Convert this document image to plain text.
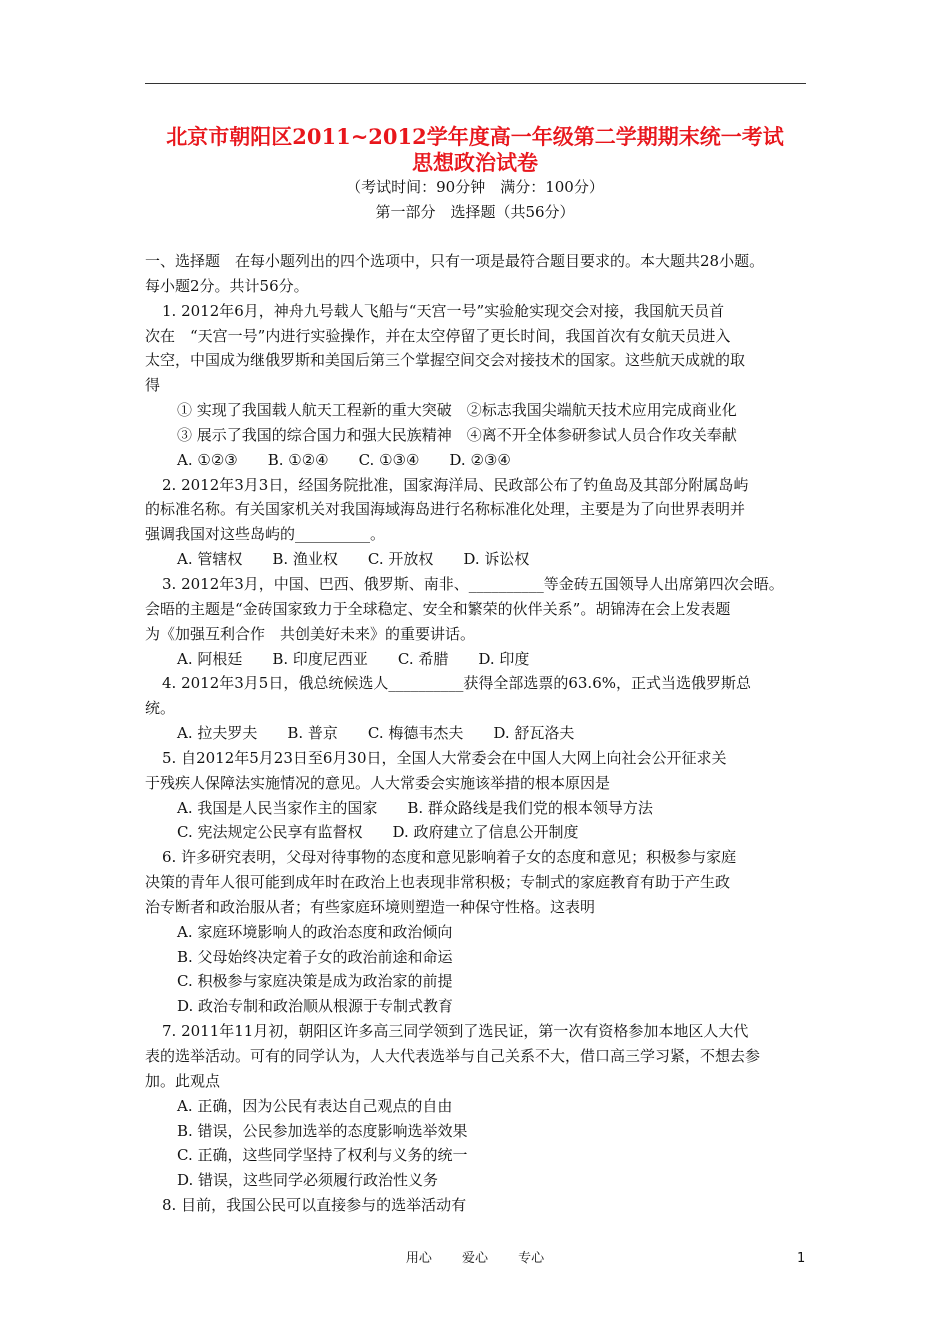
北京市朝阳区2011~2012学年度高一年级第二学期期末统一考试
思想政治试卷
（考试时间：90分钟　满分：100分）
第一部分　选择题（共56分）
一、选择题　在每小题列出的四个选项中，只有一项是最符合题目要求的。本大题共28小题。
每小题2分。共计56分。
1. 2012年6月，神舟九号载人飞船与“天宫一号”实验舱实现交会对接，我国航天员首
次在　“天宫一号”内进行实验操作，并在太空停留了更长时间，我国首次有女航天员进入
太空，中国成为继俄罗斯和美国后第三个掌握空间交会对接技术的国家。这些航天成就的取
得
① 实现了我国载人航天工程新的重大突破　②标志我国尖端航天技术应用完成商业化
③ 展示了我国的综合国力和强大民族精神　④离不开全体参研参试人员合作攻关奉献
A. ①②③　　B. ①②④　　C. ①③④　　D. ②③④
2. 2012年3月3日，经国务院批准，国家海洋局、民政部公布了钓鱼岛及其部分附属岛屿
的标准名称。有关国家机关对我国海域海岛进行名称标准化处理，主要是为了向世界表明并
强调我国对这些岛屿的__________。
A. 管辖权　　B. 渔业权　　C. 开放权　　D. 诉讼权
3. 2012年3月，中国、巴西、俄罗斯、南非、__________等金砖五国领导人出席第四次会晤。
会晤的主题是“金砖国家致力于全球稳定、安全和繁荣的伙伴关系”。胡锦涛在会上发表题
为《加强互利合作　共创美好未来》的重要讲话。
A. 阿根廷　　B. 印度尼西亚　　C. 希腊　　D. 印度
4. 2012年3月5日，俄总统候选人__________获得全部选票的63.6%，正式当选俄罗斯总
统。
A. 拉夫罗夫　　B. 普京　　C. 梅德韦杰夫　　D. 舒瓦洛夫
5. 自2012年5月23日至6月30日，全国人大常委会在中国人大网上向社会公开征求关
于残疾人保障法实施情况的意见。人大常委会实施该举措的根本原因是
A. 我国是人民当家作主的国家　　B. 群众路线是我们党的根本领导方法
C. 宪法规定公民享有监督权　　D. 政府建立了信息公开制度
6. 许多研究表明，父母对待事物的态度和意见影响着子女的态度和意见；积极参与家庭
决策的青年人很可能到成年时在政治上也表现非常积极；专制式的家庭教育有助于产生政
治专断者和政治服从者；有些家庭环境则塑造一种保守性格。这表明
A. 家庭环境影响人的政治态度和政治倾向
B. 父母始终决定着子女的政治前途和命运
C. 积极参与家庭决策是成为政治家的前提
D. 政治专制和政治顺从根源于专制式教育
7. 2011年11月初，朝阳区许多高三同学领到了选民证，第一次有资格参加本地区人大代
表的选举活动。可有的同学认为，人大代表选举与自己关系不大，借口高三学习紧，不想去参
加。此观点
A. 正确，因为公民有表达自己观点的自由
B. 错误，公民参加选举的态度影响选举效果
C. 正确，这些同学坚持了权利与义务的统一
D. 错误，这些同学必须履行政治性义务
8. 目前，我国公民可以直接参与的选举活动有
用心 爱心 专心	1
